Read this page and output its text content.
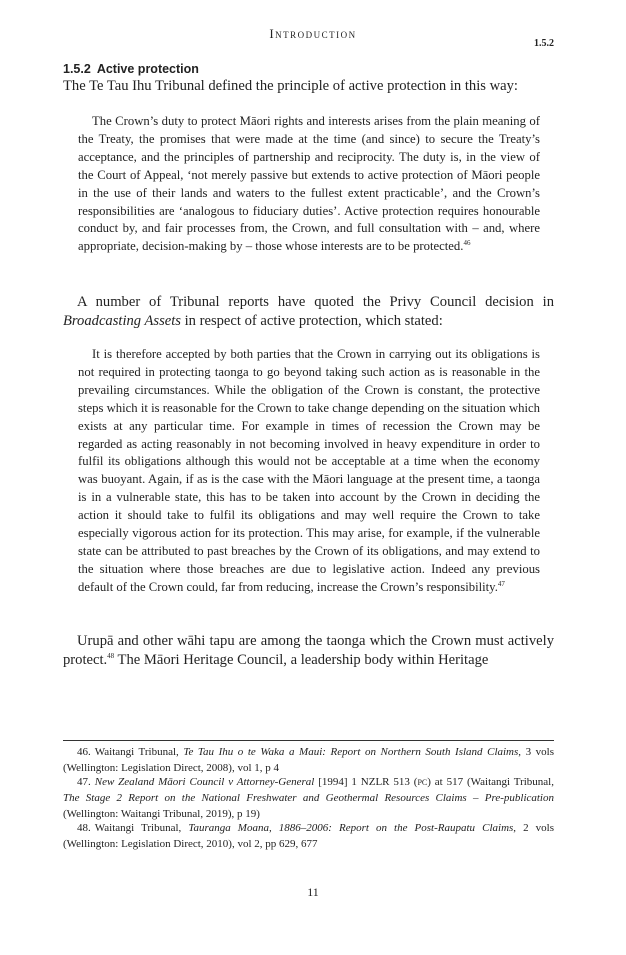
Introduction
1.5.2
1.5.2 Active protection

The Te Tau Ihu Tribunal defined the principle of active protection in this way:

The Crown’s duty to protect Māori rights and interests arises from the plain meaning of the Treaty, the promises that were made at the time (and since) to secure the Treaty’s acceptance, and the principles of partnership and reciprocity. The duty is, in the view of the Court of Appeal, ‘not merely passive but extends to active protection of Māori people in the use of their lands and waters to the fullest extent practicable’, and the Crown’s responsibilities are ‘analogous to fiduciary duties’. Active protection requires honourable conduct by, and fair processes from, the Crown, and full consultation with – and, where appropriate, decision-making by – those whose interests are to be protected.$^{46}$

A number of Tribunal reports have quoted the Privy Council decision in Broadcasting Assets in respect of active protection, which stated:

It is therefore accepted by both parties that the Crown in carrying out its obligations is not required in protecting taonga to go beyond taking such action as is reasonable in the prevailing circumstances. While the obligation of the Crown is constant, the protective steps which it is reasonable for the Crown to take change depending on the situation which exists at any particular time. For example in times of recession the Crown may be regarded as acting reasonably in not becoming involved in heavy expenditure in order to fulfil its obligations although this would not be acceptable at a time when the economy was buoyant. Again, if as is the case with the Māori language at the present time, a taonga is in a vulnerable state, this has to be taken into account by the Crown in deciding the action it should take to fulfil its obligations and may well require the Crown to take especially vigorous action for its protection. This may arise, for example, if the vulnerable state can be attributed to past breaches by the Crown of its obligations, and may extend to the situation where those breaches are due to legislative action. Indeed any previous default of the Crown could, far from reducing, increase the Crown’s responsibility.$^{47}$

Urupā and other wāhi tapu are among the taonga which the Crown must actively protect.$^{48}$ The Māori Heritage Council, a leadership body within Heritage

46. Waitangi Tribunal, Te Tau Ihu o te Waka a Maui: Report on Northern South Island Claims, 3 vols (Wellington: Legislation Direct, 2008), vol 1, p 4
47. New Zealand Māori Council v Attorney-General [1994] 1 NZLR 513 (pc) at 517 (Waitangi Tribunal, The Stage 2 Report on the National Freshwater and Geothermal Resources Claims – Pre-publication (Wellington: Waitangi Tribunal, 2019), p 19)
48. Waitangi Tribunal, Tauranga Moana, 1886–2006: Report on the Post-Raupatu Claims, 2 vols (Wellington: Legislation Direct, 2010), vol 2, pp 629, 677
11
